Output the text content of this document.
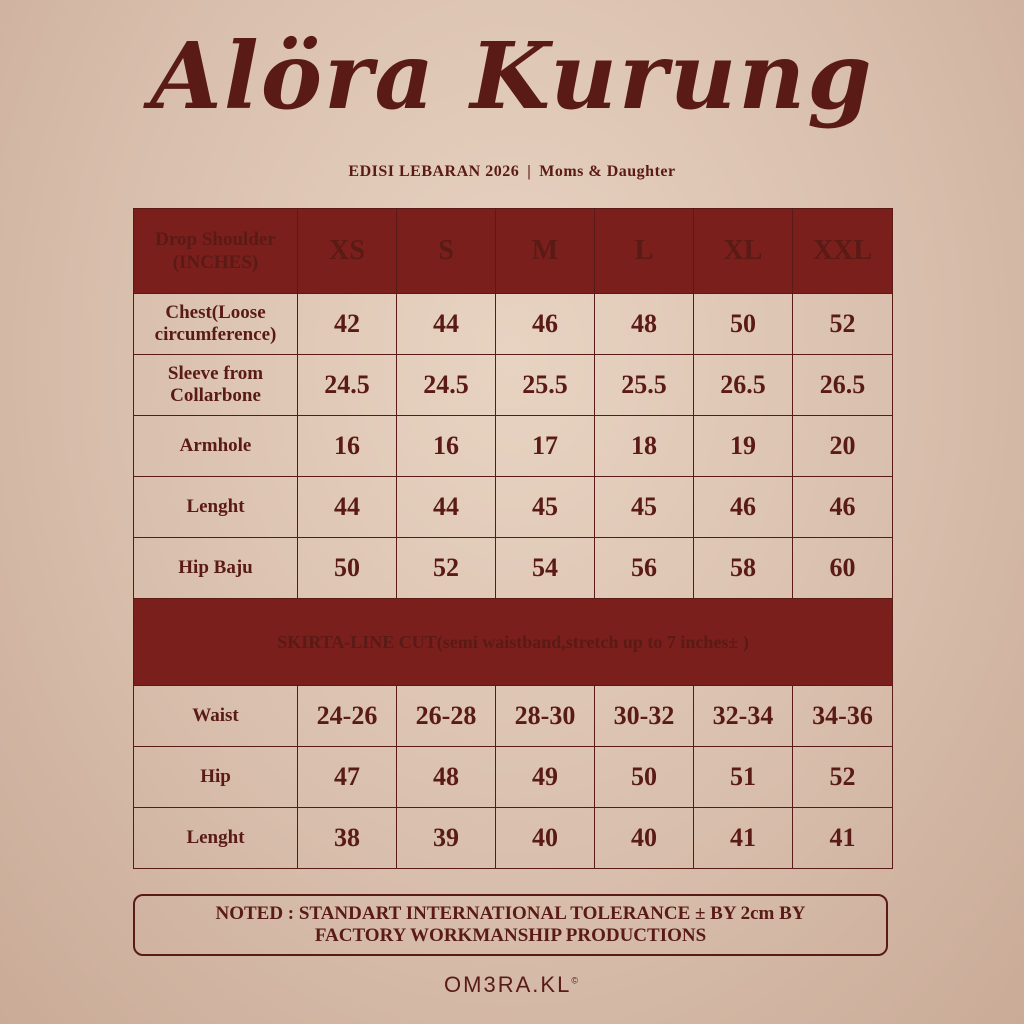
Alöra Kurung
EDISI LEBARAN 2026 | Moms & Daughter
Drop Shoulder
(INCHES)	XS	S	M	L	XL	XXL

Chest(Loose
circumference)	42	44	46	48	50	52

Sleeve from
Collarbone	24.5	24.5	25.5	25.5	26.5	26.5
Armhole	16	16	17	18	19	20
Lenght	44	44	45	45	46	46
Hip Baju	50	52	54	56	58	60
SKIRTA-LINE CUT(semi waistband,stretch up to 7 inches± )						
Waist	24-26	26-28	28-30	30-32	32-34	34-36
Hip	47	48	49	50	51	52
Lenght	38	39	40	40	41	41
NOTED : STANDART INTERNATIONAL TOLERANCE ± BY 2cm BY
FACTORY WORKMANSHIP PRODUCTIONS
OM3RA.KL©
